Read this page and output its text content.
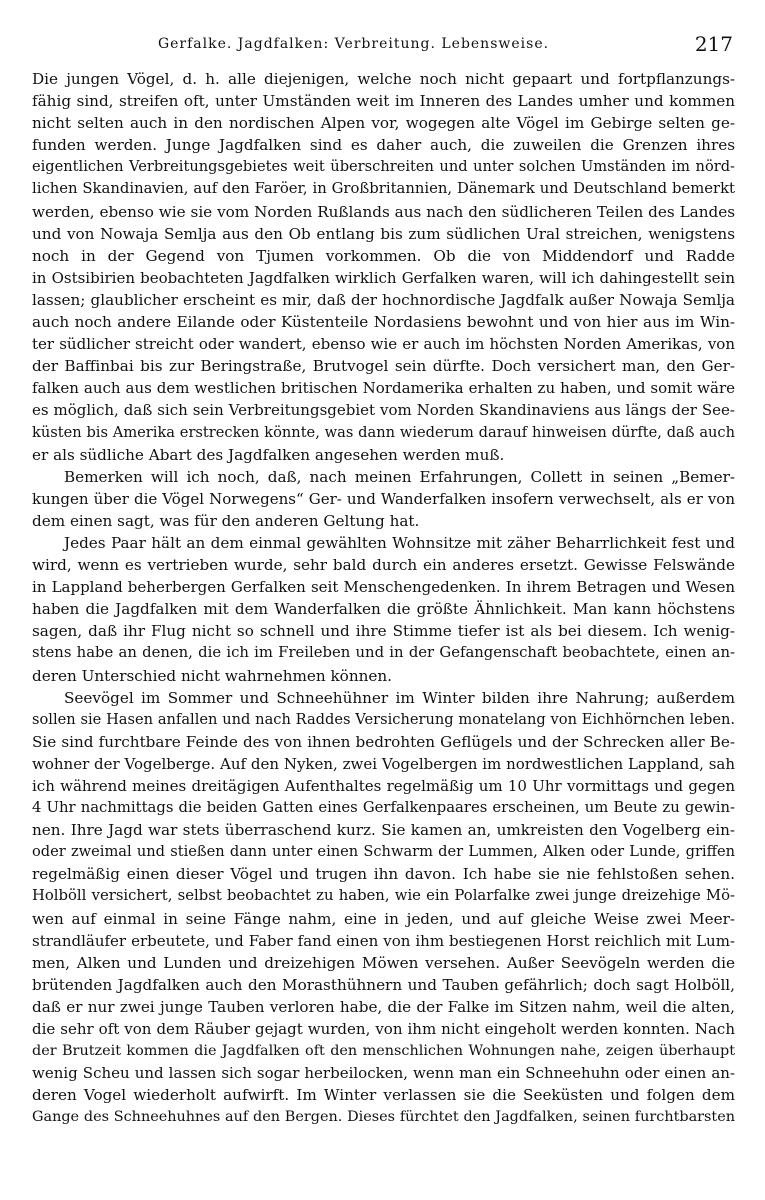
Gerfalke. Jagdfalken: Verbreitung. Lebensweise.	217
Die jungen Vögel, d. h. alle diejenigen, welche noch nicht gepaart und fortpflanzungs-
fähig sind, streifen oft, unter Umständen weit im Inneren des Landes umher und kommen
nicht selten auch in den nordischen Alpen vor, wogegen alte Vögel im Gebirge selten ge-
funden werden. Junge Jagdfalken sind es daher auch, die zuweilen die Grenzen ihres
eigentlichen Verbreitungsgebietes weit überschreiten und unter solchen Umständen im nörd-
lichen Skandinavien, auf den Faröer, in Großbritannien, Dänemark und Deutschland bemerkt
werden, ebenso wie sie vom Norden Rußlands aus nach den südlicheren Teilen des Landes
und von Nowaja Semlja aus den Ob entlang bis zum südlichen Ural streichen, wenigstens
noch in der Gegend von Tjumen vorkommen. Ob die von Middendorf und Radde
in Ostsibirien beobachteten Jagdfalken wirklich Gerfalken waren, will ich dahingestellt sein
lassen; glaublicher erscheint es mir, daß der hochnordische Jagdfalk außer Nowaja Semlja
auch noch andere Eilande oder Küstenteile Nordasiens bewohnt und von hier aus im Win-
ter südlicher streicht oder wandert, ebenso wie er auch im höchsten Norden Amerikas, von
der Baffinbai bis zur Beringstraße, Brutvogel sein dürfte. Doch versichert man, den Ger-
falken auch aus dem westlichen britischen Nordamerika erhalten zu haben, und somit wäre
es möglich, daß sich sein Verbreitungsgebiet vom Norden Skandinaviens aus längs der See-
küsten bis Amerika erstrecken könnte, was dann wiederum darauf hinweisen dürfte, daß auch
er als südliche Abart des Jagdfalken angesehen werden muß.
Bemerken will ich noch, daß, nach meinen Erfahrungen, Collett in seinen „Bemer-
kungen über die Vögel Norwegens“ Ger- und Wanderfalken insofern verwechselt, als er von
dem einen sagt, was für den anderen Geltung hat.
Jedes Paar hält an dem einmal gewählten Wohnsitze mit zäher Beharrlichkeit fest und
wird, wenn es vertrieben wurde, sehr bald durch ein anderes ersetzt. Gewisse Felswände
in Lappland beherbergen Gerfalken seit Menschengedenken. In ihrem Betragen und Wesen
haben die Jagdfalken mit dem Wanderfalken die größte Ähnlichkeit. Man kann höchstens
sagen, daß ihr Flug nicht so schnell und ihre Stimme tiefer ist als bei diesem. Ich wenig-
stens habe an denen, die ich im Freileben und in der Gefangenschaft beobachtete, einen an-
deren Unterschied nicht wahrnehmen können.
Seevögel im Sommer und Schneehühner im Winter bilden ihre Nahrung; außerdem
sollen sie Hasen anfallen und nach Raddes Versicherung monatelang von Eichhörnchen leben.
Sie sind furchtbare Feinde des von ihnen bedrohten Geflügels und der Schrecken aller Be-
wohner der Vogelberge. Auf den Nyken, zwei Vogelbergen im nordwestlichen Lappland, sah
ich während meines dreitägigen Aufenthaltes regelmäßig um 10 Uhr vormittags und gegen
4 Uhr nachmittags die beiden Gatten eines Gerfalkenpaares erscheinen, um Beute zu gewin-
nen. Ihre Jagd war stets überraschend kurz. Sie kamen an, umkreisten den Vogelberg ein-
oder zweimal und stießen dann unter einen Schwarm der Lummen, Alken oder Lunde, griffen
regelmäßig einen dieser Vögel und trugen ihn davon. Ich habe sie nie fehlstoßen sehen.
Holböll versichert, selbst beobachtet zu haben, wie ein Polarfalke zwei junge dreizehige Mö-
wen auf einmal in seine Fänge nahm, eine in jeden, und auf gleiche Weise zwei Meer-
strandläufer erbeutete, und Faber fand einen von ihm bestiegenen Horst reichlich mit Lum-
men, Alken und Lunden und dreizehigen Möwen versehen. Außer Seevögeln werden die
brütenden Jagdfalken auch den Morasthühnern und Tauben gefährlich; doch sagt Holböll,
daß er nur zwei junge Tauben verloren habe, die der Falke im Sitzen nahm, weil die alten,
die sehr oft von dem Räuber gejagt wurden, von ihm nicht eingeholt werden konnten. Nach
der Brutzeit kommen die Jagdfalken oft den menschlichen Wohnungen nahe, zeigen überhaupt
wenig Scheu und lassen sich sogar herbeilocken, wenn man ein Schneehuhn oder einen an-
deren Vogel wiederholt aufwirft. Im Winter verlassen sie die Seeküsten und folgen dem
Gange des Schneehuhnes auf den Bergen. Dieses fürchtet den Jagdfalken, seinen furchtbarsten
